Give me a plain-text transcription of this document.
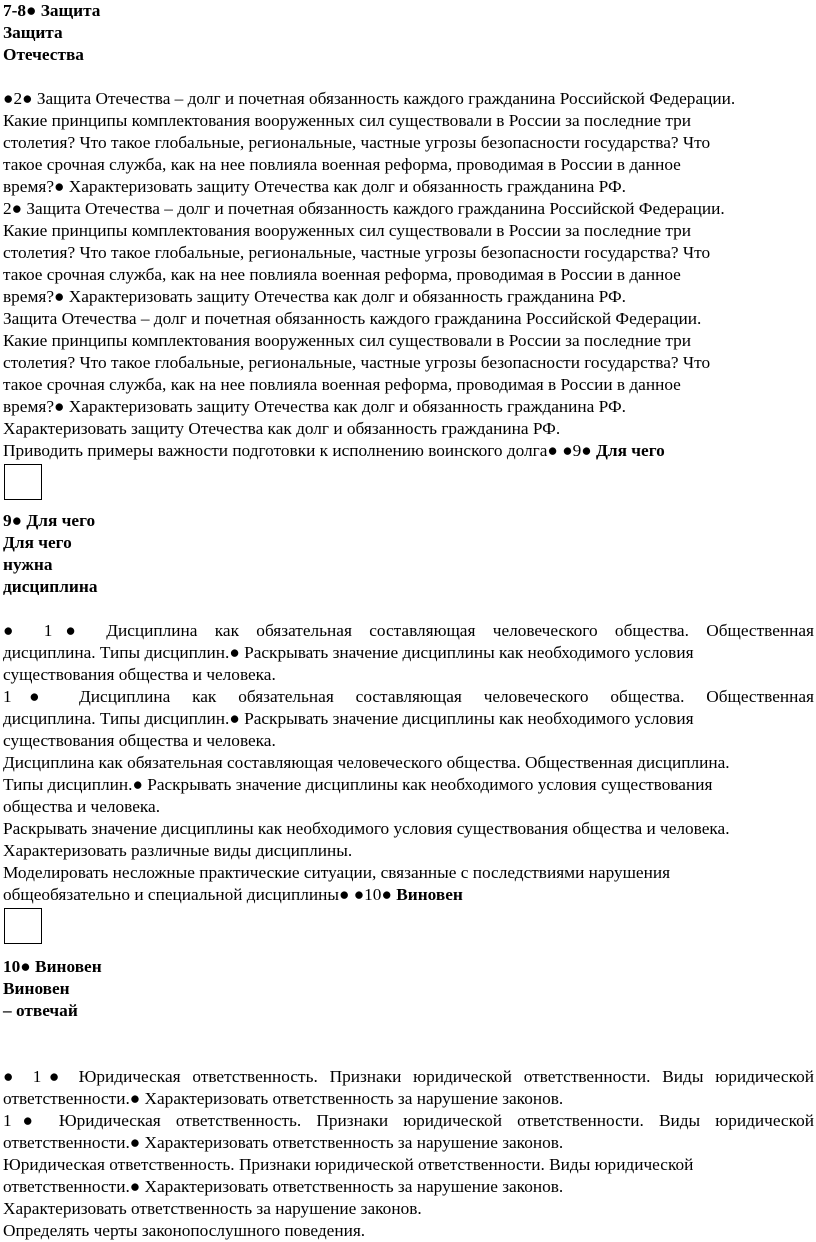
7-8● Защита
Защита
Отечества
●2● Защита Отечества – долг и почетная обязанность каждого гражданина Российской Федерации.
Какие принципы комплектования вооруженных сил существовали в России за последние три
столетия? Что такое глобальные, региональные, частные угрозы безопасности государства? Что
такое срочная служба, как на нее повлияла военная реформа, проводимая в России в данное
время?● Характеризовать защиту Отечества как долг и обязанность гражданина РФ.
2● Защита Отечества – долг и почетная обязанность каждого гражданина Российской Федерации.
Какие принципы комплектования вооруженных сил существовали в России за последние три
столетия? Что такое глобальные, региональные, частные угрозы безопасности государства? Что
такое срочная служба, как на нее повлияла военная реформа, проводимая в России в данное
время?● Характеризовать защиту Отечества как долг и обязанность гражданина РФ.
Защита Отечества – долг и почетная обязанность каждого гражданина Российской Федерации.
Какие принципы комплектования вооруженных сил существовали в России за последние три
столетия? Что такое глобальные, региональные, частные угрозы безопасности государства? Что
такое срочная служба, как на нее повлияла военная реформа, проводимая в России в данное
время?● Характеризовать защиту Отечества как долг и обязанность гражданина РФ.
Характеризовать защиту Отечества как долг и обязанность гражданина РФ.
Приводить примеры важности подготовки к исполнению воинского долга● ●9● Для чего
9● Для чего
Для чего
нужна
дисциплина
● 1● Дисциплина как обязательная составляющая человеческого общества. Общественная
дисциплина. Типы дисциплин.● Раскрывать значение дисциплины как необходимого условия
существования общества и человека.
1● Дисциплина как обязательная составляющая человеческого общества. Общественная
дисциплина. Типы дисциплин.● Раскрывать значение дисциплины как необходимого условия
существования общества и человека.
Дисциплина как обязательная составляющая человеческого общества. Общественная дисциплина.
Типы дисциплин.● Раскрывать значение дисциплины как необходимого условия существования
общества и человека.
Раскрывать значение дисциплины как необходимого условия существования общества и человека.
Характеризовать различные виды дисциплины.
Моделировать несложные практические ситуации, связанные с последствиями нарушения
общеобязательно и специальной дисциплины● ●10● Виновен
10● Виновен
Виновен
– отвечай
● 1● Юридическая ответственность. Признаки юридической ответственности. Виды юридической
ответственности.● Характеризовать ответственность за нарушение законов.
1● Юридическая ответственность. Признаки юридической ответственности. Виды юридической
ответственности.● Характеризовать ответственность за нарушение законов.
Юридическая ответственность. Признаки юридической ответственности. Виды юридической
ответственности.● Характеризовать ответственность за нарушение законов.
Характеризовать ответственность за нарушение законов.
Определять черты законопослушного поведения.
